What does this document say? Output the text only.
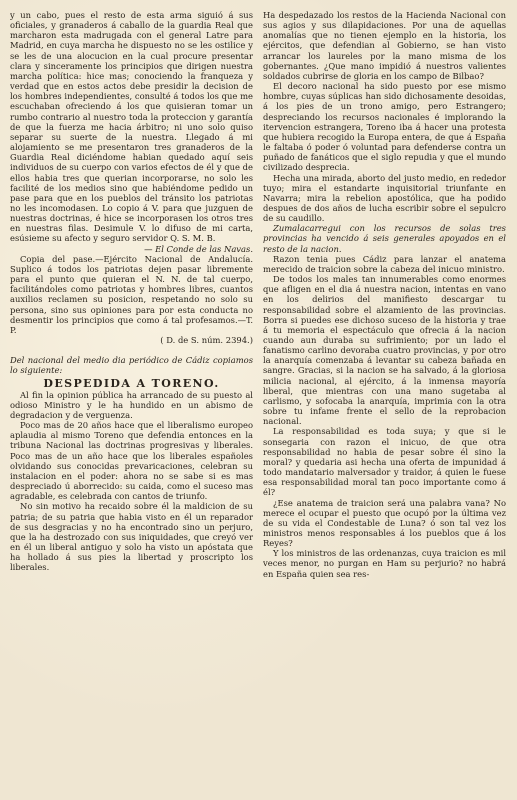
y un cabo, pues el resto de esta arma siguió á sus oficiales, y granaderos á caballo de la guardia Real que marcharon esta madrugada con el general Latre para Madrid, en cuya marcha he dispuesto no se les ostilice y se les de una alocucion en la cual procure presentar clara y sinceramente los principios que dirigen nuestra marcha política: hice mas; conociendo la franqueza y verdad que en estos actos debe presidir la decision de los hombres independientes, consulté á todos los que me escuchaban ofreciendo á los que quisieran tomar un rumbo contrario al nuestro toda la proteccion y garantía de que la fuerza me hacia árbitro; ni uno solo quiso separar su suerte de la nuestra. Llegado á mi alojamiento se me presentaron tres granaderos de la Guardia Real diciéndome habian quedado aquí seis individuos de su cuerpo con varios efectos de él y que de ellos habia tres que querian incorporarse, no solo les facilité de los medios sino que habiéndome pedido un pase para que en los pueblos del tránsito los patriotas no les incomodasen. Lo copio á V. para que juzguen de nuestras doctrinas, é hice se incorporasen los otros tres en nuestras filas. Desimule V. lo difuso de mi carta, esúsieme su afecto y seguro servidor Q. S. M. B.

— El Conde de las Navas.

Copia del pase.—Ejército Nacional de Andalucía. Suplico á todos los patriotas dejen pasar libremente para el punto que quieran el N. N. de tal cuerpo, facilitándoles como patriotas y hombres libres, cuantos auxilios reclamen su posicion, respetando no solo su persona, sino sus opiniones para por esta conducta no desmentir los principios que como á tal profesamos.—T. P.

( D. de S. núm. 2394.)

Del nacional del medio dia periódico de Cádiz copiamos lo siguiente:

DESPEDIDA A TORENO.

Al fin la opinion pública ha arrancado de su puesto al odioso Ministro y le ha hundido en un abismo de degradacion y de verguenza.

Poco mas de 20 años hace que el liberalismo europeo aplaudia al mismo Toreno que defendia entonces en la tribuna Nacional las doctrinas progresivas y liberales. Poco mas de un año hace que los liberales españoles olvidando sus conocidas prevaricaciones, celebran su instalacion en el poder: ahora no se sabe si es mas despreciado ú aborrecido: su caida, como el suceso mas agradable, es celebrada con cantos de triunfo.

No sin motivo ha recaido sobre él la maldicion de su patria; de su patria que habia visto en él un reparador de sus desgracias y no ha encontrado sino un perjuro, que la ha destrozado con sus iniquidades, que creyó ver en él un liberal antiguo y solo ha visto un apóstata que ha hollado á sus pies la libertad y proscripto los liberales.

Ha despedazado los restos de la Hacienda Nacional con sus agios y sus dilapidaciones. Por una de aquellas anomalías que no tienen ejemplo en la historia, los ejércitos, que defendian al Gobierno, se han visto arrancar los laureles por la mano misma de los gobernantes. ¿Que mano impidió á nuestros valientes soldados cubrirse de gloria en los campo de Bilbao?

El decoro nacional ha sido puesto por ese mismo hombre, cuyas súplicas han sido dichosamente desoidas, á los pies de un trono amigo, pero Estrangero; despreciando los recursos nacionales é implorando la itervencion estrangera, Toreno iba á hacer una protesta que hubiera recogido la Europa entera, de que á España le faltaba ó poder ó voluntad para defenderse contra un puñado de fanáticos que el siglo repudia y que el mundo civilizado desprecia.

Hecha una mirada, aborto del justo medio, en rededor tuyo; mira el estandarte inquisitorial triunfante en Navarra; mira la rebelion apostólica, que ha podido despues de dos años de lucha escribir sobre el sepulcro de su caudillo.

Zumalacarregui con los recursos de solas tres provincias ha vencido á seis generales apoyados en el resto de la nacion.

Razon tenia pues Cádiz para lanzar el anatema merecido de traicion sobre la cabeza del inicuo ministro.

De todos los males tan innumerables como enormes que afligen en el dia á nuestra nacion, intentas en vano en los delirios del manifiesto descargar tu responsabilidad sobre el alzamiento de las provincias. Borra si puedes ese dichoso suceso de la historia y trae á tu memoria el espectáculo que ofrecia á la nacion cuando aun duraba su sufrimiento; por un lado el fanatismo carlino devoraba cuatro provincias, y por otro la anarquía comenzaba á levantar su cabeza bañada en sangre. Gracias, si la nacion se ha salvado, á la gloriosa milicia nacional, al ejército, á la inmensa mayoría liberal, que mientras con una mano sugetaba al carlismo, y sofocaba la anarquía, imprimia con la otra sobre tu infame frente el sello de la reprobacion nacional.

La responsabilidad es toda suya; y que si le sonsegaria con razon el inicuo, de que otra responsabilidad no habia de pesar sobre él sino la moral? y quedaria asi hecha una oferta de impunidad á todo mandatario malversador y traidor, á quien le fuese esa responsabilidad moral tan poco importante como á él?

¿Ese anatema de traicion será una palabra vana? No merece el ocupar el puesto que ocupó por la última vez de su vida el Condestable de Luna? ó son tal vez los ministros menos responsables á los pueblos que á los Reyes?

Y los ministros de las ordenanzas, cuya traicion es mil veces menor, no purgan en Ham su perjurio? no habrá en España quien sea res-
